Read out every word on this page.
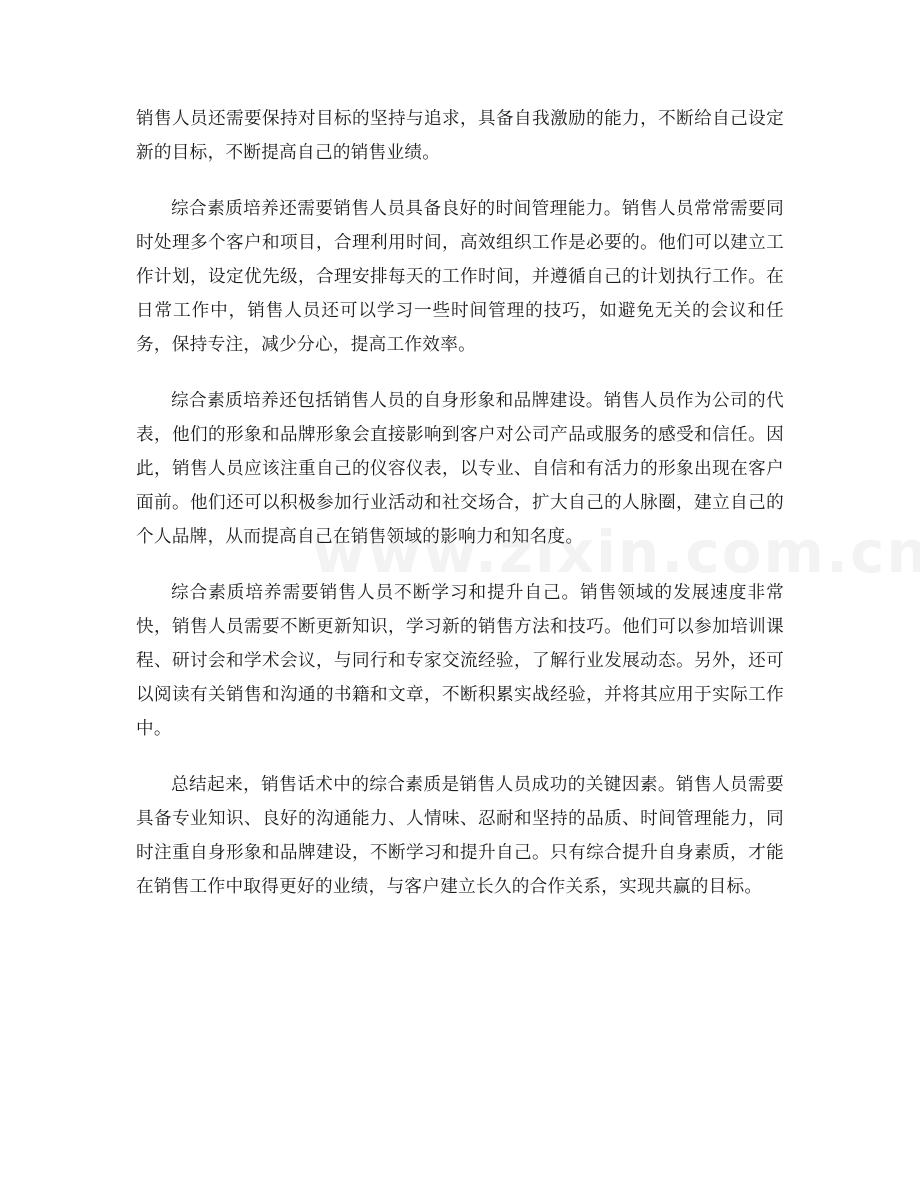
销售人员还需要保持对目标的坚持与追求，具备自我激励的能力，不断给自己设定新的目标，不断提高自己的销售业绩。

综合素质培养还需要销售人员具备良好的时间管理能力。销售人员常常需要同时处理多个客户和项目，合理利用时间，高效组织工作是必要的。他们可以建立工作计划，设定优先级，合理安排每天的工作时间，并遵循自己的计划执行工作。在日常工作中，销售人员还可以学习一些时间管理的技巧，如避免无关的会议和任务，保持专注，减少分心，提高工作效率。

综合素质培养还包括销售人员的自身形象和品牌建设。销售人员作为公司的代表，他们的形象和品牌形象会直接影响到客户对公司产品或服务的感受和信任。因此，销售人员应该注重自己的仪容仪表，以专业、自信和有活力的形象出现在客户面前。他们还可以积极参加行业活动和社交场合，扩大自己的人脉圈，建立自己的个人品牌，从而提高自己在销售领域的影响力和知名度。

综合素质培养需要销售人员不断学习和提升自己。销售领域的发展速度非常快，销售人员需要不断更新知识，学习新的销售方法和技巧。他们可以参加培训课程、研讨会和学术会议，与同行和专家交流经验，了解行业发展动态。另外，还可以阅读有关销售和沟通的书籍和文章，不断积累实战经验，并将其应用于实际工作中。

总结起来，销售话术中的综合素质是销售人员成功的关键因素。销售人员需要具备专业知识、良好的沟通能力、人情味、忍耐和坚持的品质、时间管理能力，同时注重自身形象和品牌建设，不断学习和提升自己。只有综合提升自身素质，才能在销售工作中取得更好的业绩，与客户建立长久的合作关系，实现共赢的目标。
